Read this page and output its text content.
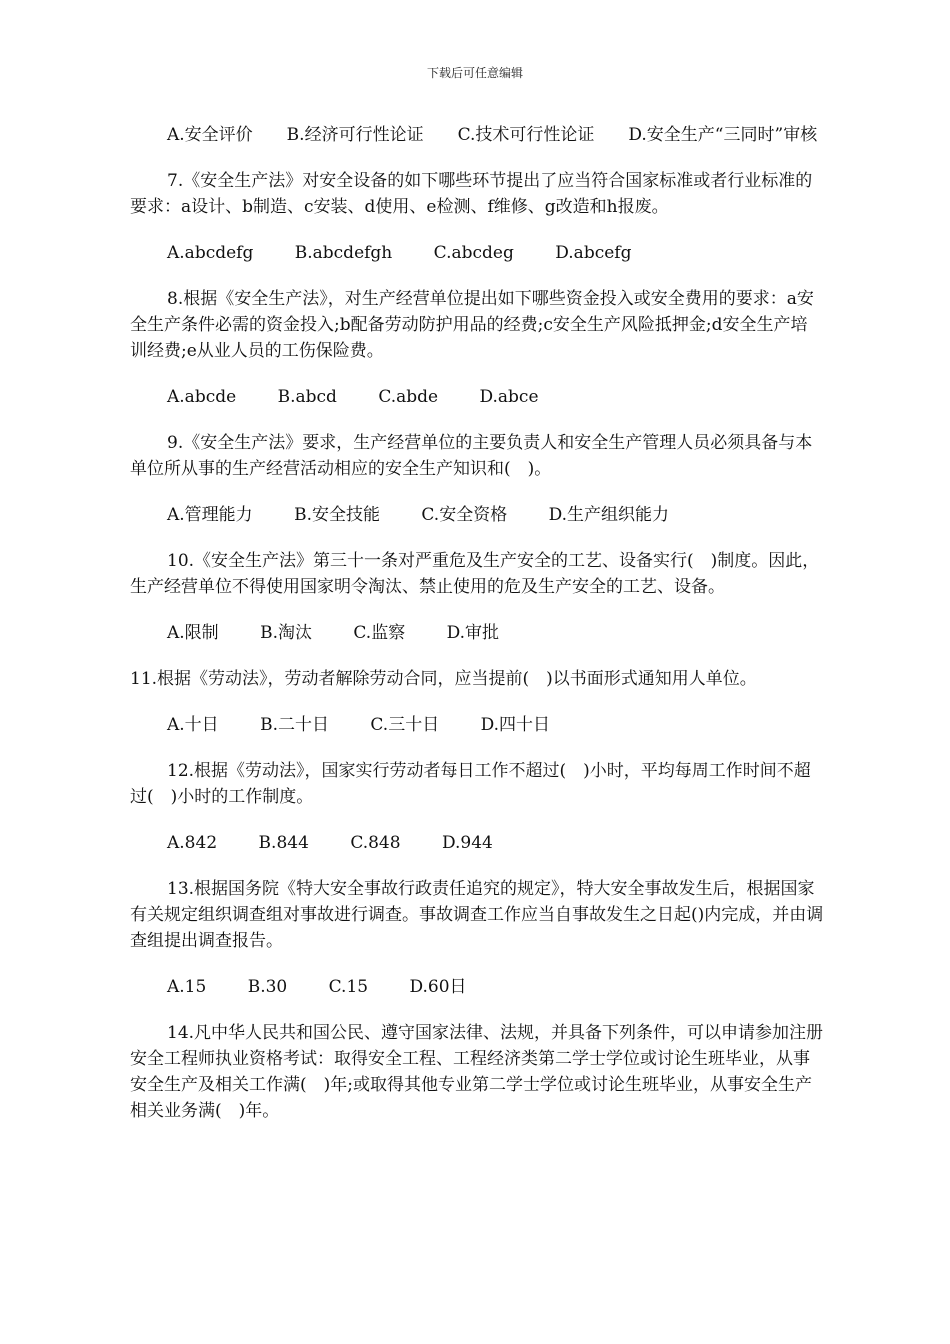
下载后可任意编辑
A.安全评价　　B.经济可行性论证　　C.技术可行性论证　　D.安全生产“三同时”审核
7.《安全生产法》对安全设备的如下哪些环节提出了应当符合国家标准或者行业标准的要求：a设计、b制造、c安装、d使用、e检测、f维修、g改造和h报废。
A.abcdefg B.abcdefgh C.abcdeg D.abcefg
8.根据《安全生产法》，对生产经营单位提出如下哪些资金投入或安全费用的要求：a安全生产条件必需的资金投入;b配备劳动防护用品的经费;c安全生产风险抵押金;d安全生产培训经费;e从业人员的工伤保险费。
A.abcde B.abcd C.abde D.abce
9.《安全生产法》要求，生产经营单位的主要负责人和安全生产管理人员必须具备与本单位所从事的生产经营活动相应的安全生产知识和(　)。
A.管理能力 B.安全技能 C.安全资格 D.生产组织能力
10.《安全生产法》第三十一条对严重危及生产安全的工艺、设备实行(　)制度。因此，生产经营单位不得使用国家明令淘汰、禁止使用的危及生产安全的工艺、设备。
A.限制 B.淘汰 C.监察 D.审批
11.根据《劳动法》，劳动者解除劳动合同，应当提前(　)以书面形式通知用人单位。
A.十日 B.二十日 C.三十日 D.四十日
12.根据《劳动法》，国家实行劳动者每日工作不超过(　)小时，平均每周工作时间不超过(　)小时的工作制度。
A.842 B.844 C.848 D.944
13.根据国务院《特大安全事故行政责任追究的规定》，特大安全事故发生后，根据国家有关规定组织调查组对事故进行调查。事故调查工作应当自事故发生之日起()内完成，并由调查组提出调查报告。
A.15 B.30 C.15 D.60日
14.凡中华人民共和国公民、遵守国家法律、法规，并具备下列条件，可以申请参加注册安全工程师执业资格考试：取得安全工程、工程经济类第二学士学位或讨论生班毕业，从事安全生产及相关工作满(　)年;或取得其他专业第二学士学位或讨论生班毕业，从事安全生产相关业务满(　)年。
